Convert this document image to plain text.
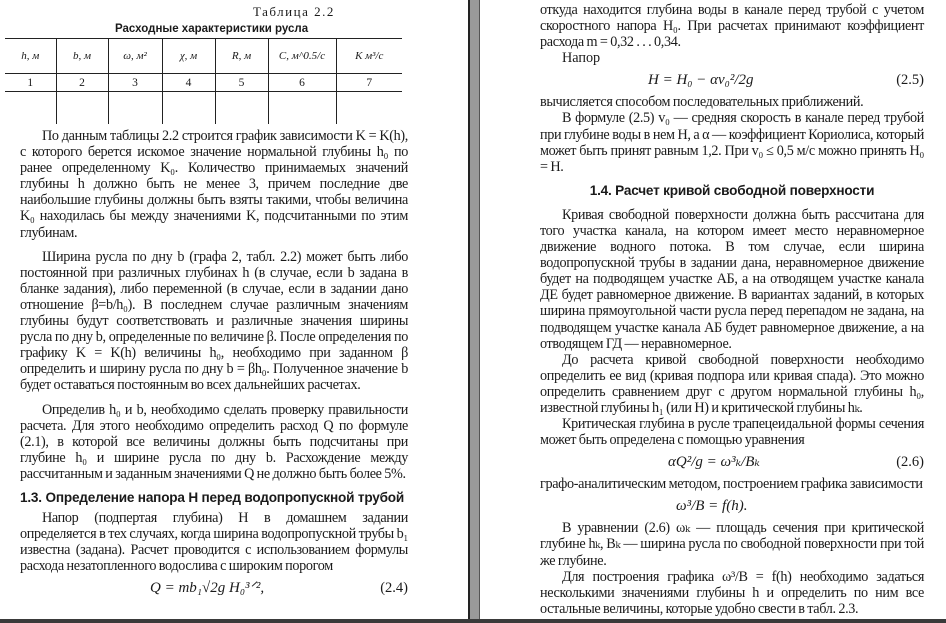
Таблица 2.2
Расходные характеристики русла
h, м	b, м	ω, м²	χ, м	R, м	C, м^0.5/с	К м³/с
1	2	3	4	5	6	7

По данным таблицы 2.2 строится график зависимости K = K(h), с которого берется искомое значение нормальной глубины h₀ по ранее определенному K₀. Количество принимаемых значений глубины h должно быть не менее 3, причем последние две наибольшие глубины должны быть взяты такими, чтобы величина K₀ находилась бы между значениями K, подсчитанными по этим глубинам.

Ширина русла по дну b (графа 2, табл. 2.2) может быть либо постоянной при различных глубинах h (в случае, если b задана в бланке задания), либо переменной (в случае, если в задании дано отношение β=b/h₀). В последнем случае различным значениям глубины будут соответствовать и различные значения ширины русла по дну b, определенные по величине β. После определения по графику K = K(h) величины h₀, необходимо при заданном β определить и ширину русла по дну b = βh₀. Полученное значение b будет оставаться постоянным во всех дальнейших расчетах.

Определив h₀ и b, необходимо сделать проверку правильности расчета. Для этого необходимо определить расход Q по формуле (2.1), в которой все величины должны быть подсчитаны при глубине h₀ и ширине русла по дну b. Расхождение между рассчитанным и заданным значениями Q не должно быть более 5%.

1.3. Определение напора H перед водопропускной трубой

Напор (подпертая глубина) H в домашнем задании определяется в тех случаях, когда ширина водопропускной трубы b₁ известна (задана). Расчет проводится с использованием формулы расхода незатопленного водослива с широким порогом

Q = mb₁√2g H₀³ᐟ²,	(2.4)

откуда находится глубина воды в канале перед трубой с учетом скоростного напора H₀. При расчетах принимают коэффициент расхода m = 0,32 . . . 0,34.

Напор
H = H₀ − αv₀²/2g	(2.5)

вычисляется способом последовательных приближений.

В формуле (2.5) v₀ — средняя скорость в канале перед трубой при глубине воды в нем H, а α — коэффициент Кориолиса, который может быть принят равным 1,2. При v₀ ≤ 0,5 м/с можно принять H₀ = H.

1.4. Расчет кривой свободной поверхности

Кривая свободной поверхности должна быть рассчитана для того участка канала, на котором имеет место неравномерное движение водного потока. В том случае, если ширина водопропускной трубы в задании дана, неравномерное движение будет на подводящем участке АБ, а на отводящем участке канала ДЕ будет равномерное движение. В вариантах заданий, в которых ширина прямоугольной части русла перед перепадом не задана, на подводящем участке канала АБ будет равномерное движение, а на отводящем ГД — неравномерное.

До расчета кривой свободной поверхности необходимо определить ее вид (кривая подпора или кривая спада). Это можно определить сравнением друг с другом нормальной глубины h₀, известной глубины h₁ (или H) и критической глубины hₖ.

Критическая глубина в русле трапецеидальной формы сечения может быть определена с помощью уравнения

αQ²/g = ω³ₖ/Bₖ	(2.6)

графо-аналитическим методом, построением графика зависимости

ω³/B = f(h).

В уравнении (2.6) ωₖ — площадь сечения при критической глубине hₖ, Bₖ — ширина русла по свободной поверхности при той же глубине.

Для построения графика ω³/B = f(h) необходимо задаться несколькими значениями глубины h и определить по ним все остальные величины, которые удобно свести в табл. 2.3.
